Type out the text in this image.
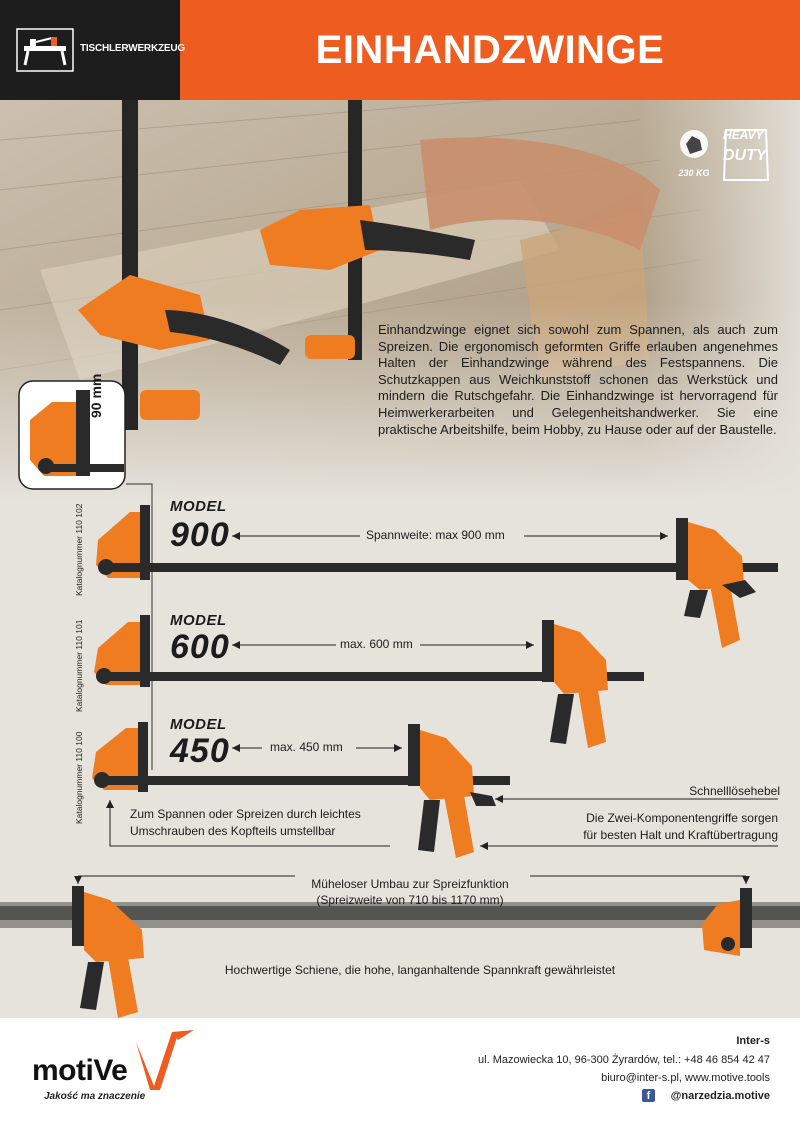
TISCHLERWERKZEUG	EINHANDZWINGE
230 KG
HEAVY
DUTY
Einhandzwinge eignet sich sowohl zum Spannen, als auch zum Spreizen. Die ergonomisch geformten Griffe erlauben angenehmes Halten der Einhandzwinge während des Festspannens. Die Schutzkappen aus Weichkunststoff schonen das Werkstück und mindern die Rutschgefahr. Die Einhandzwinge ist hervorragend für Heimwerkerarbeiten und Gelegenheitshandwerker. Sie eine praktische Arbeitshilfe, beim Hobby, zu Hause oder auf der Baustelle.
90 mm
MODEL
900	Spannweite: max 900 mm
Katalognummer 110 102
MODEL
600	max. 600 mm
Katalognummer 110 101
MODEL
450	max. 450 mm
Katalognummer 110 100	Schnelllösehebel
Die Zwei-Komponentengriffe sorgen
für besten Halt und Kraftübertragung
Zum Spannen oder Spreizen durch leichtes
Umschrauben des Kopfteils umstellbar
Müheloser Umbau zur Spreizfunktion
(Spreizweite von 710 bis 1170 mm)
Hochwertige Schiene, die hohe, langanhaltende Spannkraft gewährleistet
motiVe
Jakość ma znaczenie
Inter-s
ul. Mazowiecka 10, 96-300 Żyrardów, tel.: +48 46 854 42 47
biuro@inter-s.pl, www.motive.tools
f	@narzedzia.motive
